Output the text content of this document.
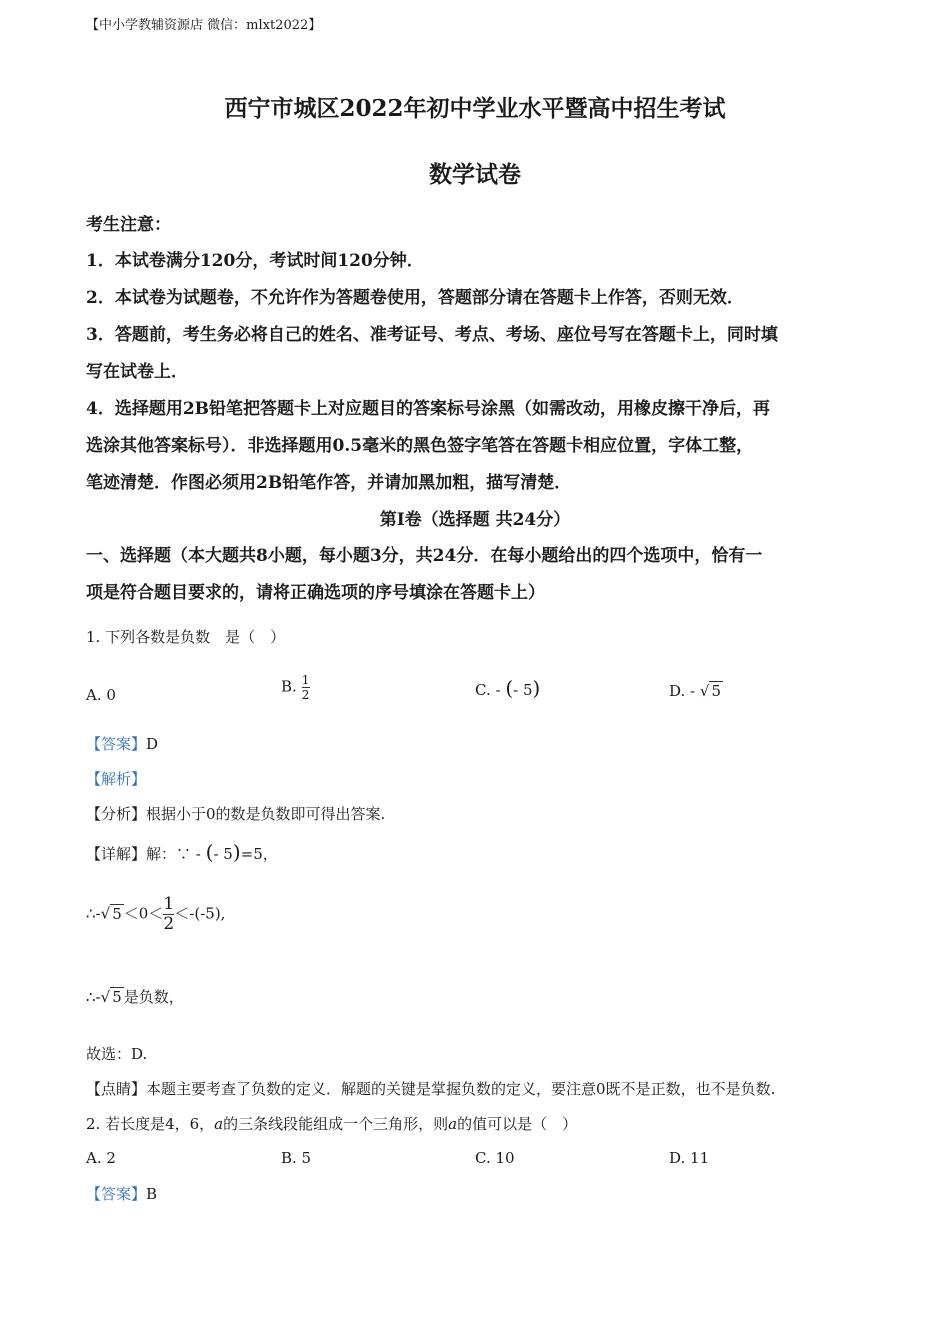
【中小学教辅资源店 微信：mlxt2022】
西宁市城区2022年初中学业水平暨高中招生考试
数学试卷
考生注意：
1．本试卷满分120分，考试时间120分钟．
2．本试卷为试题卷，不允许作为答题卷使用，答题部分请在答题卡上作答，否则无效．
3．答题前，考生务必将自己的姓名、准考证号、考点、考场、座位号写在答题卡上，同时填
写在试卷上．
4．选择题用2B铅笔把答题卡上对应题目的答案标号涂黑（如需改动，用橡皮擦干净后，再
选涂其他答案标号）．非选择题用0.5毫米的黑色签字笔答在答题卡相应位置，字体工整，
笔迹清楚．作图必须用2B铅笔作答，并请加黑加粗，描写清楚．
第I卷（选择题 共24分）
一、选择题（本大题共8小题，每小题3分，共24分．在每小题给出的四个选项中，恰有一
项是符合题目要求的，请将正确选项的序号填涂在答题卡上）
1. 下列各数是负数　是（　）
A. 0	B. $\frac{1}{2}$	C. - (- 5)	D. - √ 5
【答案】D
【解析】
【分析】根据小于0的数是负数即可得出答案.
【详解】解：∵ - (- 5)=5，
∴-√ $5 <0< \frac{1}{2} <-(-5)$,
∴-√ 5 是负数，
故选：D.
【点睛】本题主要考查了负数的定义．解题的关键是掌握负数的定义，要注意0既不是正数，也不是负数.
2. 若长度是4，6，a的三条线段能组成一个三角形，则a的值可以是（　）
A. 2	B. 5	C. 10	D. 11
【答案】B
